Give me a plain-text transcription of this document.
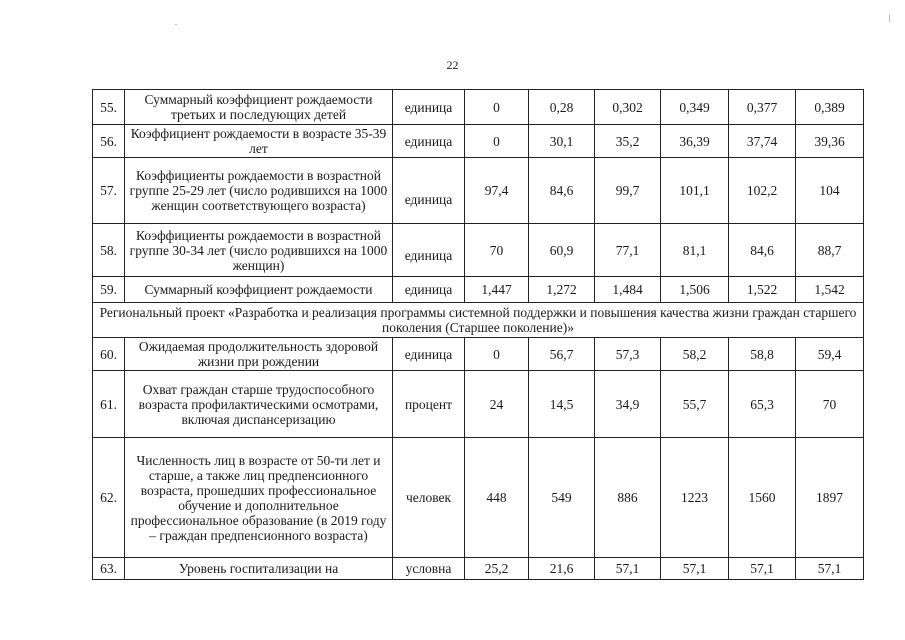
22
55.	Суммарный коэффициент рождаемости третьих и последующих детей	единица	0	0,28	0,302	0,349	0,377	0,389
56.	Коэффициент рождаемости в возрасте 35-39 лет	единица	0	30,1	35,2	36,39	37,74	39,36
57.	Коэффициенты рождаемости в возрастной группе 25-29 лет (число родившихся на 1000 женщин соответствующего возраста)	единица	97,4	84,6	99,7	101,1	102,2	104
58.	Коэффициенты рождаемости в возрастной группе 30-34 лет (число родившихся на 1000 женщин)	единица	70	60,9	77,1	81,1	84,6	88,7
59.	Суммарный коэффициент рождаемости	единица	1,447	1,272	1,484	1,506	1,522	1,542
Региональный проект «Разработка и реализация программы системной поддержки и повышения качества жизни граждан старшего поколения (Старшее поколение)»								
60.	Ожидаемая продолжительность здоровой жизни при рождении	единица	0	56,7	57,3	58,2	58,8	59,4
61.	Охват граждан старше трудоспособного возраста профилактическими осмотрами, включая диспансеризацию	процент	24	14,5	34,9	55,7	65,3	70
62.	Численность лиц в возрасте от 50-ти лет и старше, а также лиц предпенсионного возраста, прошедших профессиональное обучение и дополнительное профессиональное образование (в 2019 году – граждан предпенсионного возраста)	человек	448	549	886	1223	1560	1897
63.	Уровень госпитализации на	условна	25,2	21,6	57,1	57,1	57,1	57,1
